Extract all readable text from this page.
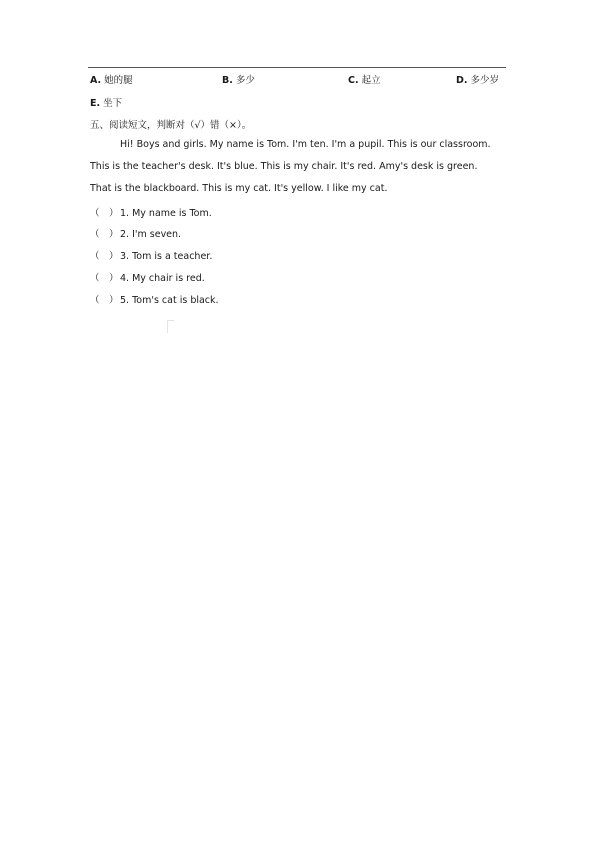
A. 她的腿	B. 多少	C. 起立	D. 多少岁
E. 坐下
五、阅读短文，判断对（√）错（×）。
Hi! Boys and girls. My name is Tom. I'm ten. I'm a pupil. This is our classroom.
This is the teacher's desk. It's blue. This is my chair. It's red. Amy's desk is green.
That is the blackboard. This is my cat. It's yellow. I like my cat.
（　）1. My name is Tom.
（　）2. I'm seven.
（　）3. Tom is a teacher.
（　）4. My chair is red.
（　）5. Tom's cat is black.
